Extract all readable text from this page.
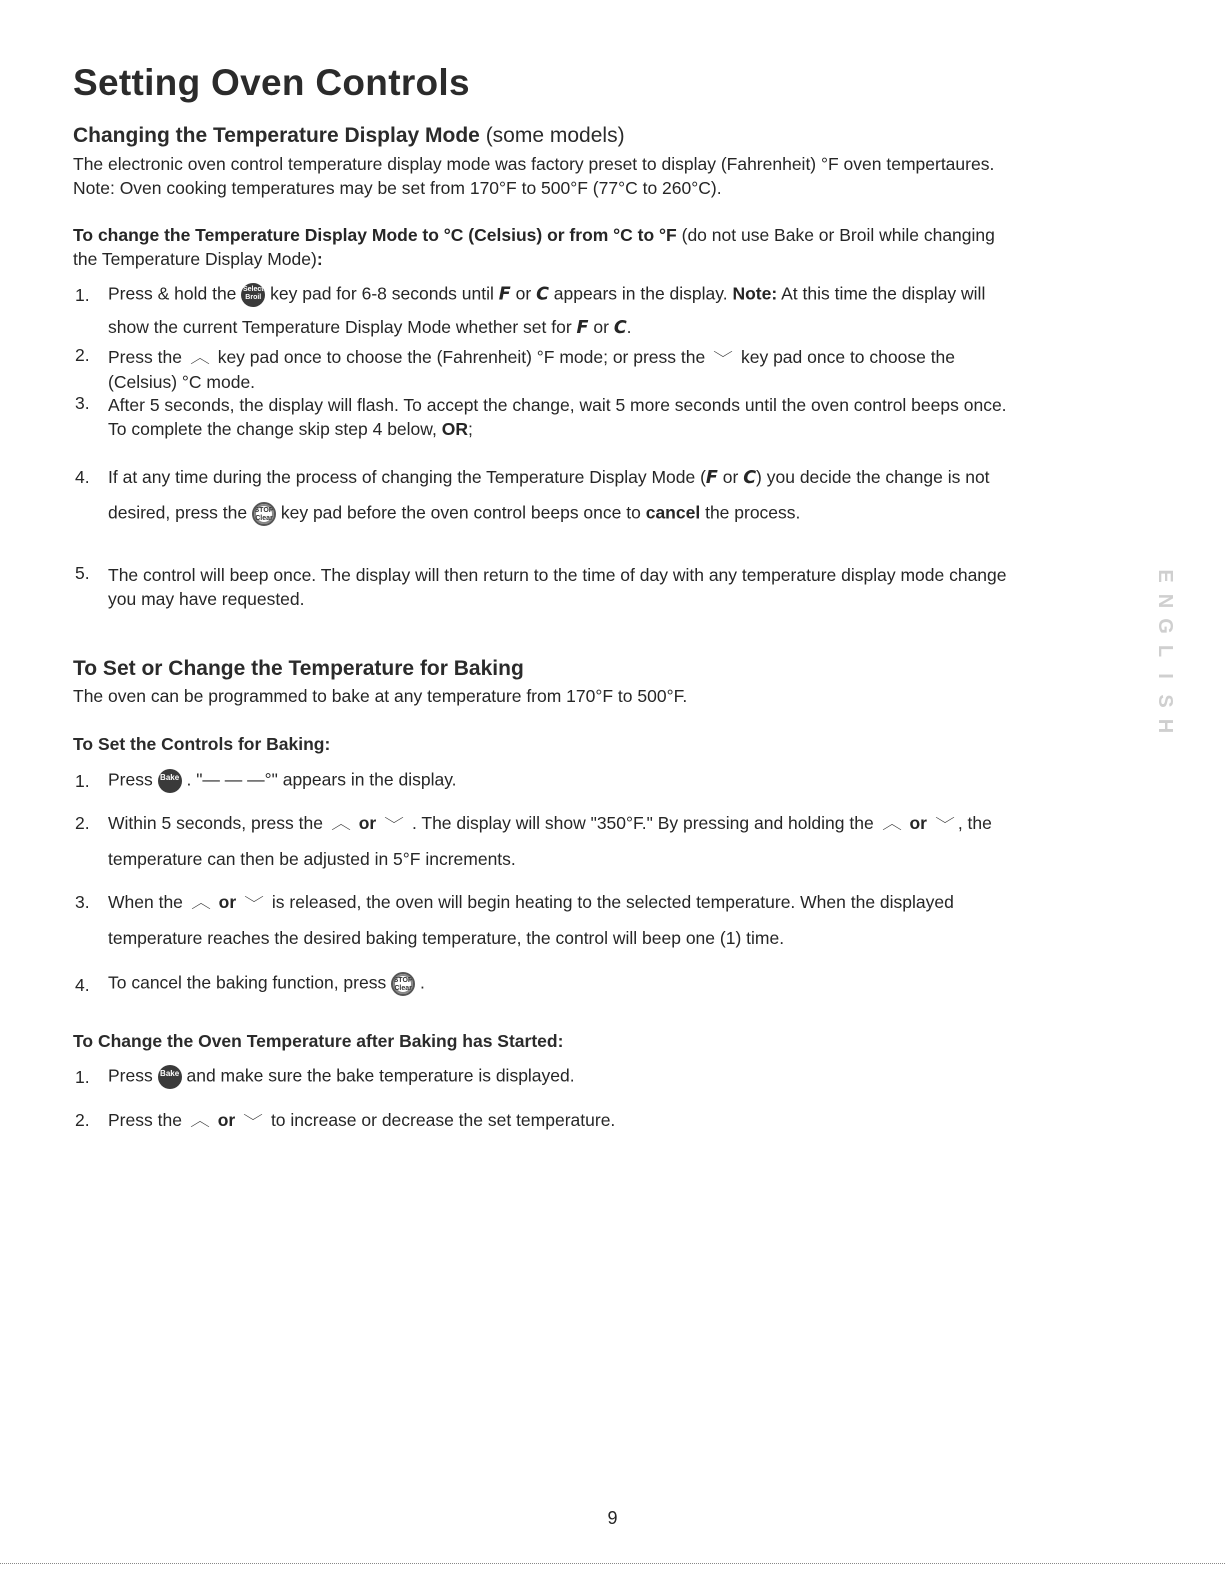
Setting Oven Controls
Changing the Temperature Display Mode (some models)

The electronic oven control temperature display mode was factory preset to display (Fahrenheit) °F oven tempertaures.

Note: Oven cooking temperatures may be set from 170°F to 500°F (77°C to 260°C).

To change the Temperature Display Mode to °C (Celsius) or from °C to °F (do not use Bake or Broil while changing
the Temperature Display Mode):

1. Press & hold the Select Broil key pad for 6-8 seconds until F or C appears in the display. Note: At this time the display will
show the current Temperature Display Mode whether set for F or C.
2. Press the ︿ key pad once to choose the (Fahrenheit) °F mode; or press the ﹀ key pad once to choose the
(Celsius) °C mode.
3. After 5 seconds, the display will flash. To accept the change, wait 5 more seconds until the oven control beeps once.
To complete the change skip step 4 below, OR;
4. If at any time during the process of changing the Temperature Display Mode (F or C) you decide the change is not
desired, press the STOP Clear key pad before the oven control beeps once to cancel the process.
5. The control will beep once. The display will then return to the time of day with any temperature display mode change
you may have requested.
To Set or Change the Temperature for Baking

The oven can be programmed to bake at any temperature from 170°F to 500°F.

To Set the Controls for Baking:

1. Press Bake . "— — —°" appears in the display.
2. Within 5 seconds, press the ︿ or ﹀ . The display will show "350°F." By pressing and holding the ︿ or ﹀ , the
temperature can then be adjusted in 5°F increments.
3. When the ︿ or ﹀ is released, the oven will begin heating to the selected temperature. When the displayed
temperature reaches the desired baking temperature, the control will beep one (1) time.
4. To cancel the baking function, press STOP Clear .

To Change the Oven Temperature after Baking has Started:

1. Press Bake and make sure the bake temperature is displayed.
2. Press the ︿ or ﹀ to increase or decrease the set temperature.
E
N
G
L
I
S
H
9
